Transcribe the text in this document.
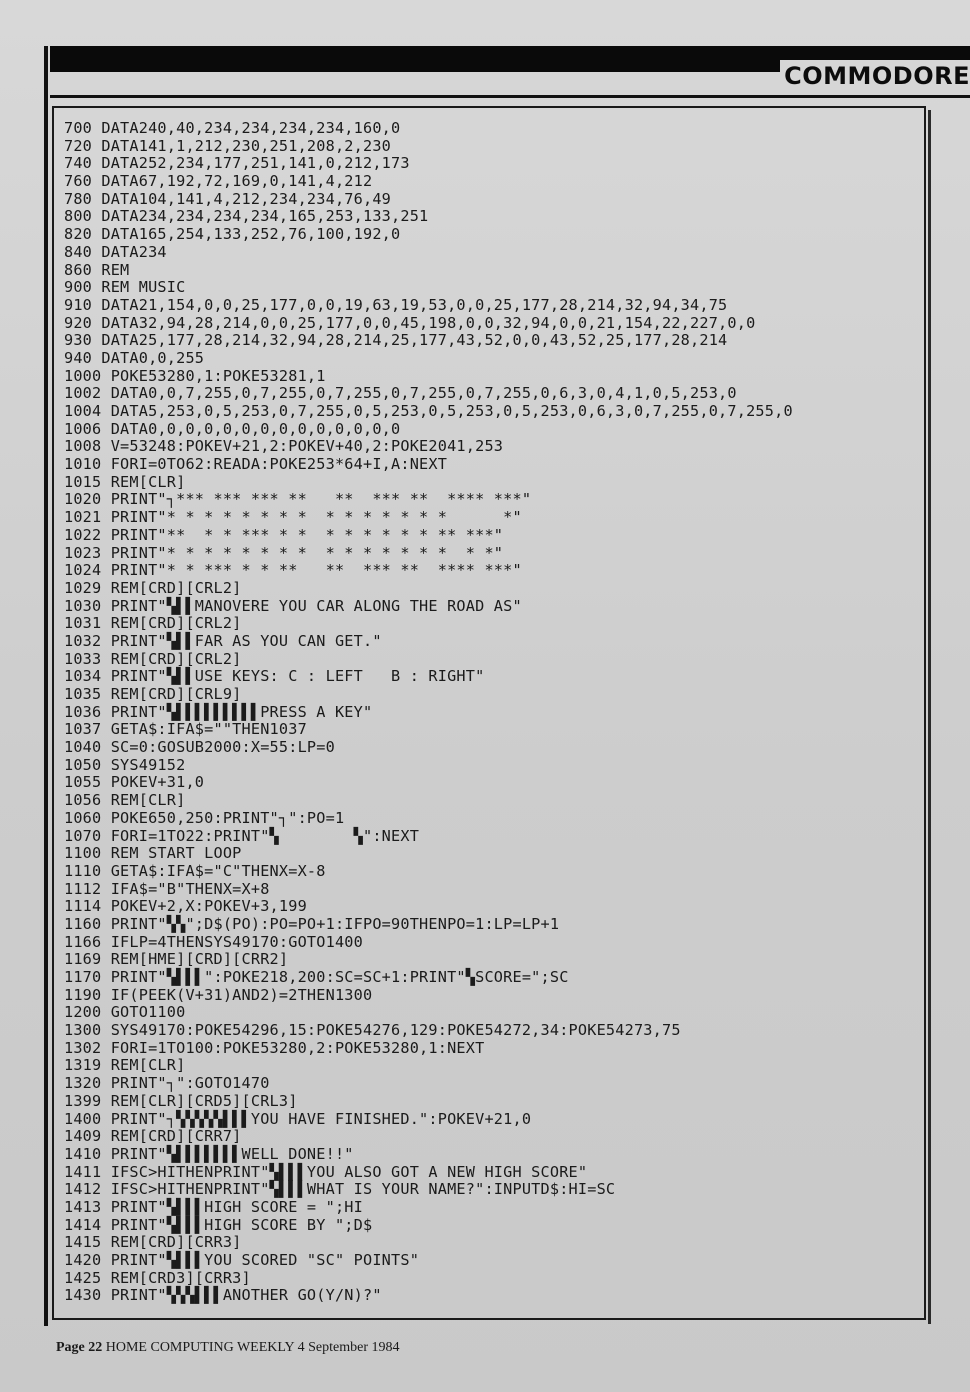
COMMODORE
700 DATA240,40,234,234,234,234,160,0
720 DATA141,1,212,230,251,208,2,230
740 DATA252,234,177,251,141,0,212,173
760 DATA67,192,72,169,0,141,4,212
780 DATA104,141,4,212,234,234,76,49
800 DATA234,234,234,234,165,253,133,251
820 DATA165,254,133,252,76,100,192,0
840 DATA234
860 REM
900 REM MUSIC
910 DATA21,154,0,0,25,177,0,0,19,63,19,53,0,0,25,177,28,214,32,94,34,75
920 DATA32,94,28,214,0,0,25,177,0,0,45,198,0,0,32,94,0,0,21,154,22,227,0,0
930 DATA25,177,28,214,32,94,28,214,25,177,43,52,0,0,43,52,25,177,28,214
940 DATA0,0,255
1000 POKE53280,1:POKE53281,1
1002 DATA0,0,7,255,0,7,255,0,7,255,0,7,255,0,7,255,0,6,3,0,4,1,0,5,253,0
1004 DATA5,253,0,5,253,0,7,255,0,5,253,0,5,253,0,5,253,0,6,3,0,7,255,0,7,255,0
1006 DATA0,0,0,0,0,0,0,0,0,0,0,0,0,0
1008 V=53248:POKEV+21,2:POKEV+40,2:POKE2041,253
1010 FORI=0TO62:READA:POKE253*64+I,A:NEXT
1015 REM[CLR]
1020 PRINT"┐*** *** *** **   **  *** **  **** ***"
1021 PRINT"* * * * * * * *  * * * * * * *      *"
1022 PRINT"**  * * *** * *  * * * * * * ** ***"
1023 PRINT"* * * * * * * *  * * * * * * *  * *"
1024 PRINT"* * *** * * **   **  *** **  **** ***"
1029 REM[CRD][CRL2]
1030 PRINT"▚▌▌MANOVERE YOU CAR ALONG THE ROAD AS"
1031 REM[CRD][CRL2]
1032 PRINT"▚▌▌FAR AS YOU CAN GET."
1033 REM[CRD][CRL2]
1034 PRINT"▚▌▌USE KEYS: C : LEFT   B : RIGHT"
1035 REM[CRD][CRL9]
1036 PRINT"▚▌▌▌▌▌▌▌▌▌PRESS A KEY"
1037 GETA$:IFA$=""THEN1037
1040 SC=0:GOSUB2000:X=55:LP=0
1050 SYS49152
1055 POKEV+31,0
1056 REM[CLR]
1060 POKE650,250:PRINT"┐":PO=1
1070 FORI=1TO22:PRINT"▚        ▚":NEXT
1100 REM START LOOP
1110 GETA$:IFA$="C"THENX=X-8
1112 IFA$="B"THENX=X+8
1114 POKEV+2,X:POKEV+3,199
1160 PRINT"▚▚";D$(PO):PO=PO+1:IFPO=90THENPO=1:LP=LP+1
1166 IFLP=4THENSYS49170:GOTO1400
1169 REM[HME][CRD][CRR2]
1170 PRINT"▚▌▌▌":POKE218,200:SC=SC+1:PRINT"▚SCORE=";SC
1190 IF(PEEK(V+31)AND2)=2THEN1300
1200 GOTO1100
1300 SYS49170:POKE54296,15:POKE54276,129:POKE54272,34:POKE54273,75
1302 FORI=1TO100:POKE53280,2:POKE53280,1:NEXT
1319 REM[CLR]
1320 PRINT"┐":GOTO1470
1399 REM[CLR][CRD5][CRL3]
1400 PRINT"┐▚▚▚▚▚▌▌▌YOU HAVE FINISHED.":POKEV+21,0
1409 REM[CRD][CRR7]
1410 PRINT"▚▌▌▌▌▌▌▌WELL DONE!!"
1411 IFSC>HITHENPRINT"▚▌▌▌YOU ALSO GOT A NEW HIGH SCORE"
1412 IFSC>HITHENPRINT"▚▌▌▌WHAT IS YOUR NAME?":INPUTD$:HI=SC
1413 PRINT"▚▌▌▌HIGH SCORE = ";HI
1414 PRINT"▚▌▌▌HIGH SCORE BY ";D$
1415 REM[CRD][CRR3]
1420 PRINT"▚▌▌▌YOU SCORED "SC" POINTS"
1425 REM[CRD3][CRR3]
1430 PRINT"▚▚▚▌▌▌ANOTHER GO(Y/N)?"
Page 22 HOME COMPUTING WEEKLY 4 September 1984
